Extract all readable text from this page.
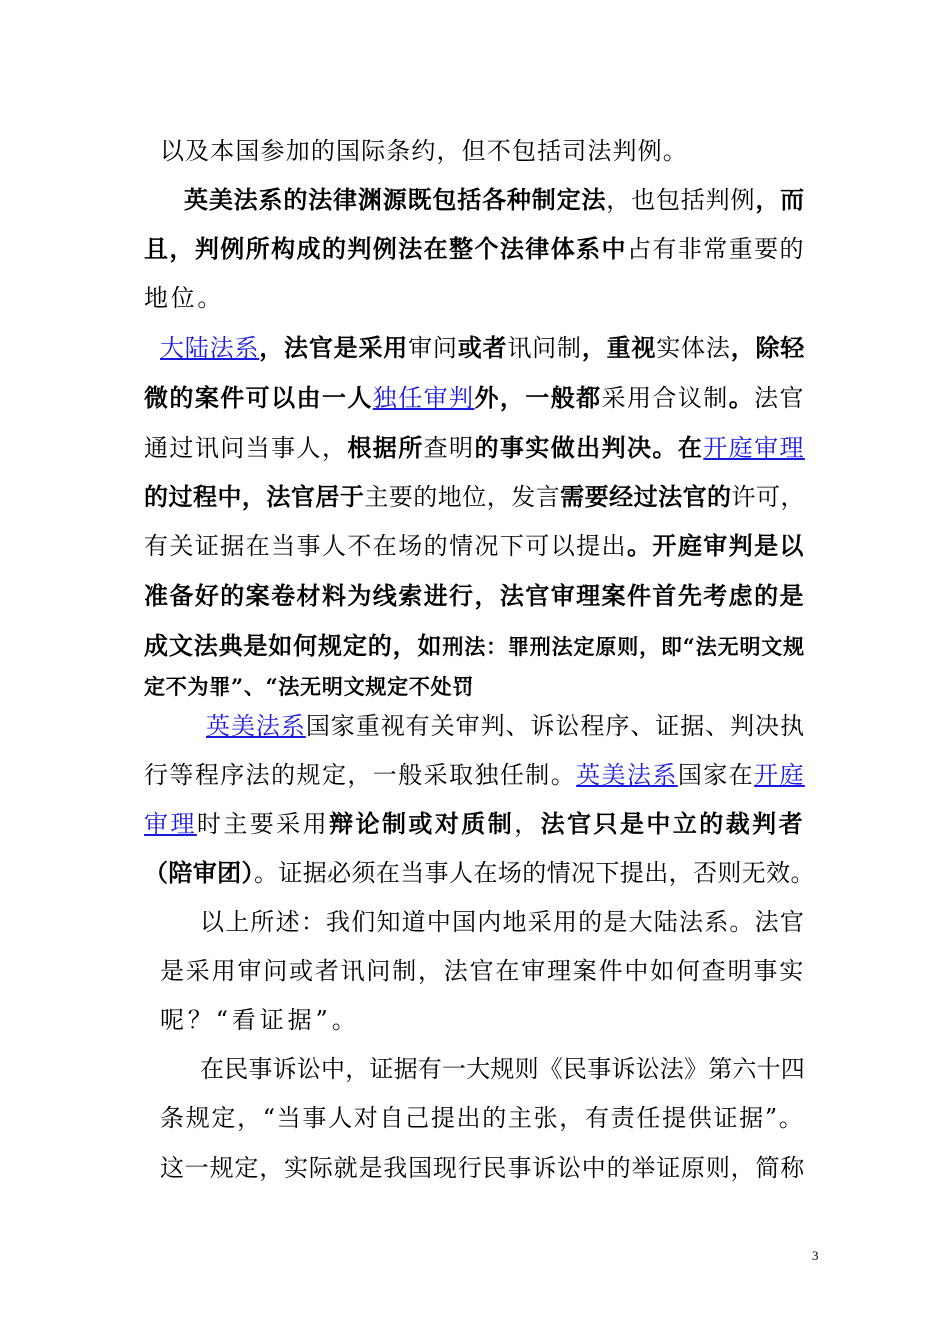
以及本国参加的国际条约，但不包括司法判例。
英美法系的法律渊源既包括各种制定法，也包括判例，而
且，判例所构成的判例法在整个法律体系中占有非常重要的
地位。
大陆法系，法官是采用审问或者讯问制，重视实体法，除轻
微的案件可以由一人独任审判外，一般都采用合议制。法官
通过讯问当事人，根据所查明的事实做出判决。在开庭审理
的过程中，法官居于主要的地位，发言需要经过法官的许可，
有关证据在当事人不在场的情况下可以提出。开庭审判是以
准备好的案卷材料为线索进行，法官审理案件首先考虑的是
成文法典是如何规定的，如刑法：罪刑法定原则，即“法无明文规
定不为罪”、“法无明文规定不处罚
英美法系国家重视有关审判、诉讼程序、证据、判决执
行等程序法的规定，一般采取独任制。英美法系国家在开庭
审理时主要采用辩论制或对质制，法官只是中立的裁判者
（陪审团）。证据必须在当事人在场的情况下提出，否则无效。
以上所述：我们知道中国内地采用的是大陆法系。法官
是采用审问或者讯问制，法官在审理案件中如何查明事实
呢？“看证据”。
在民事诉讼中，证据有一大规则《民事诉讼法》第六十四
条规定，“当事人对自己提出的主张，有责任提供证据”。
这一规定，实际就是我国现行民事诉讼中的举证原则，简称
3
